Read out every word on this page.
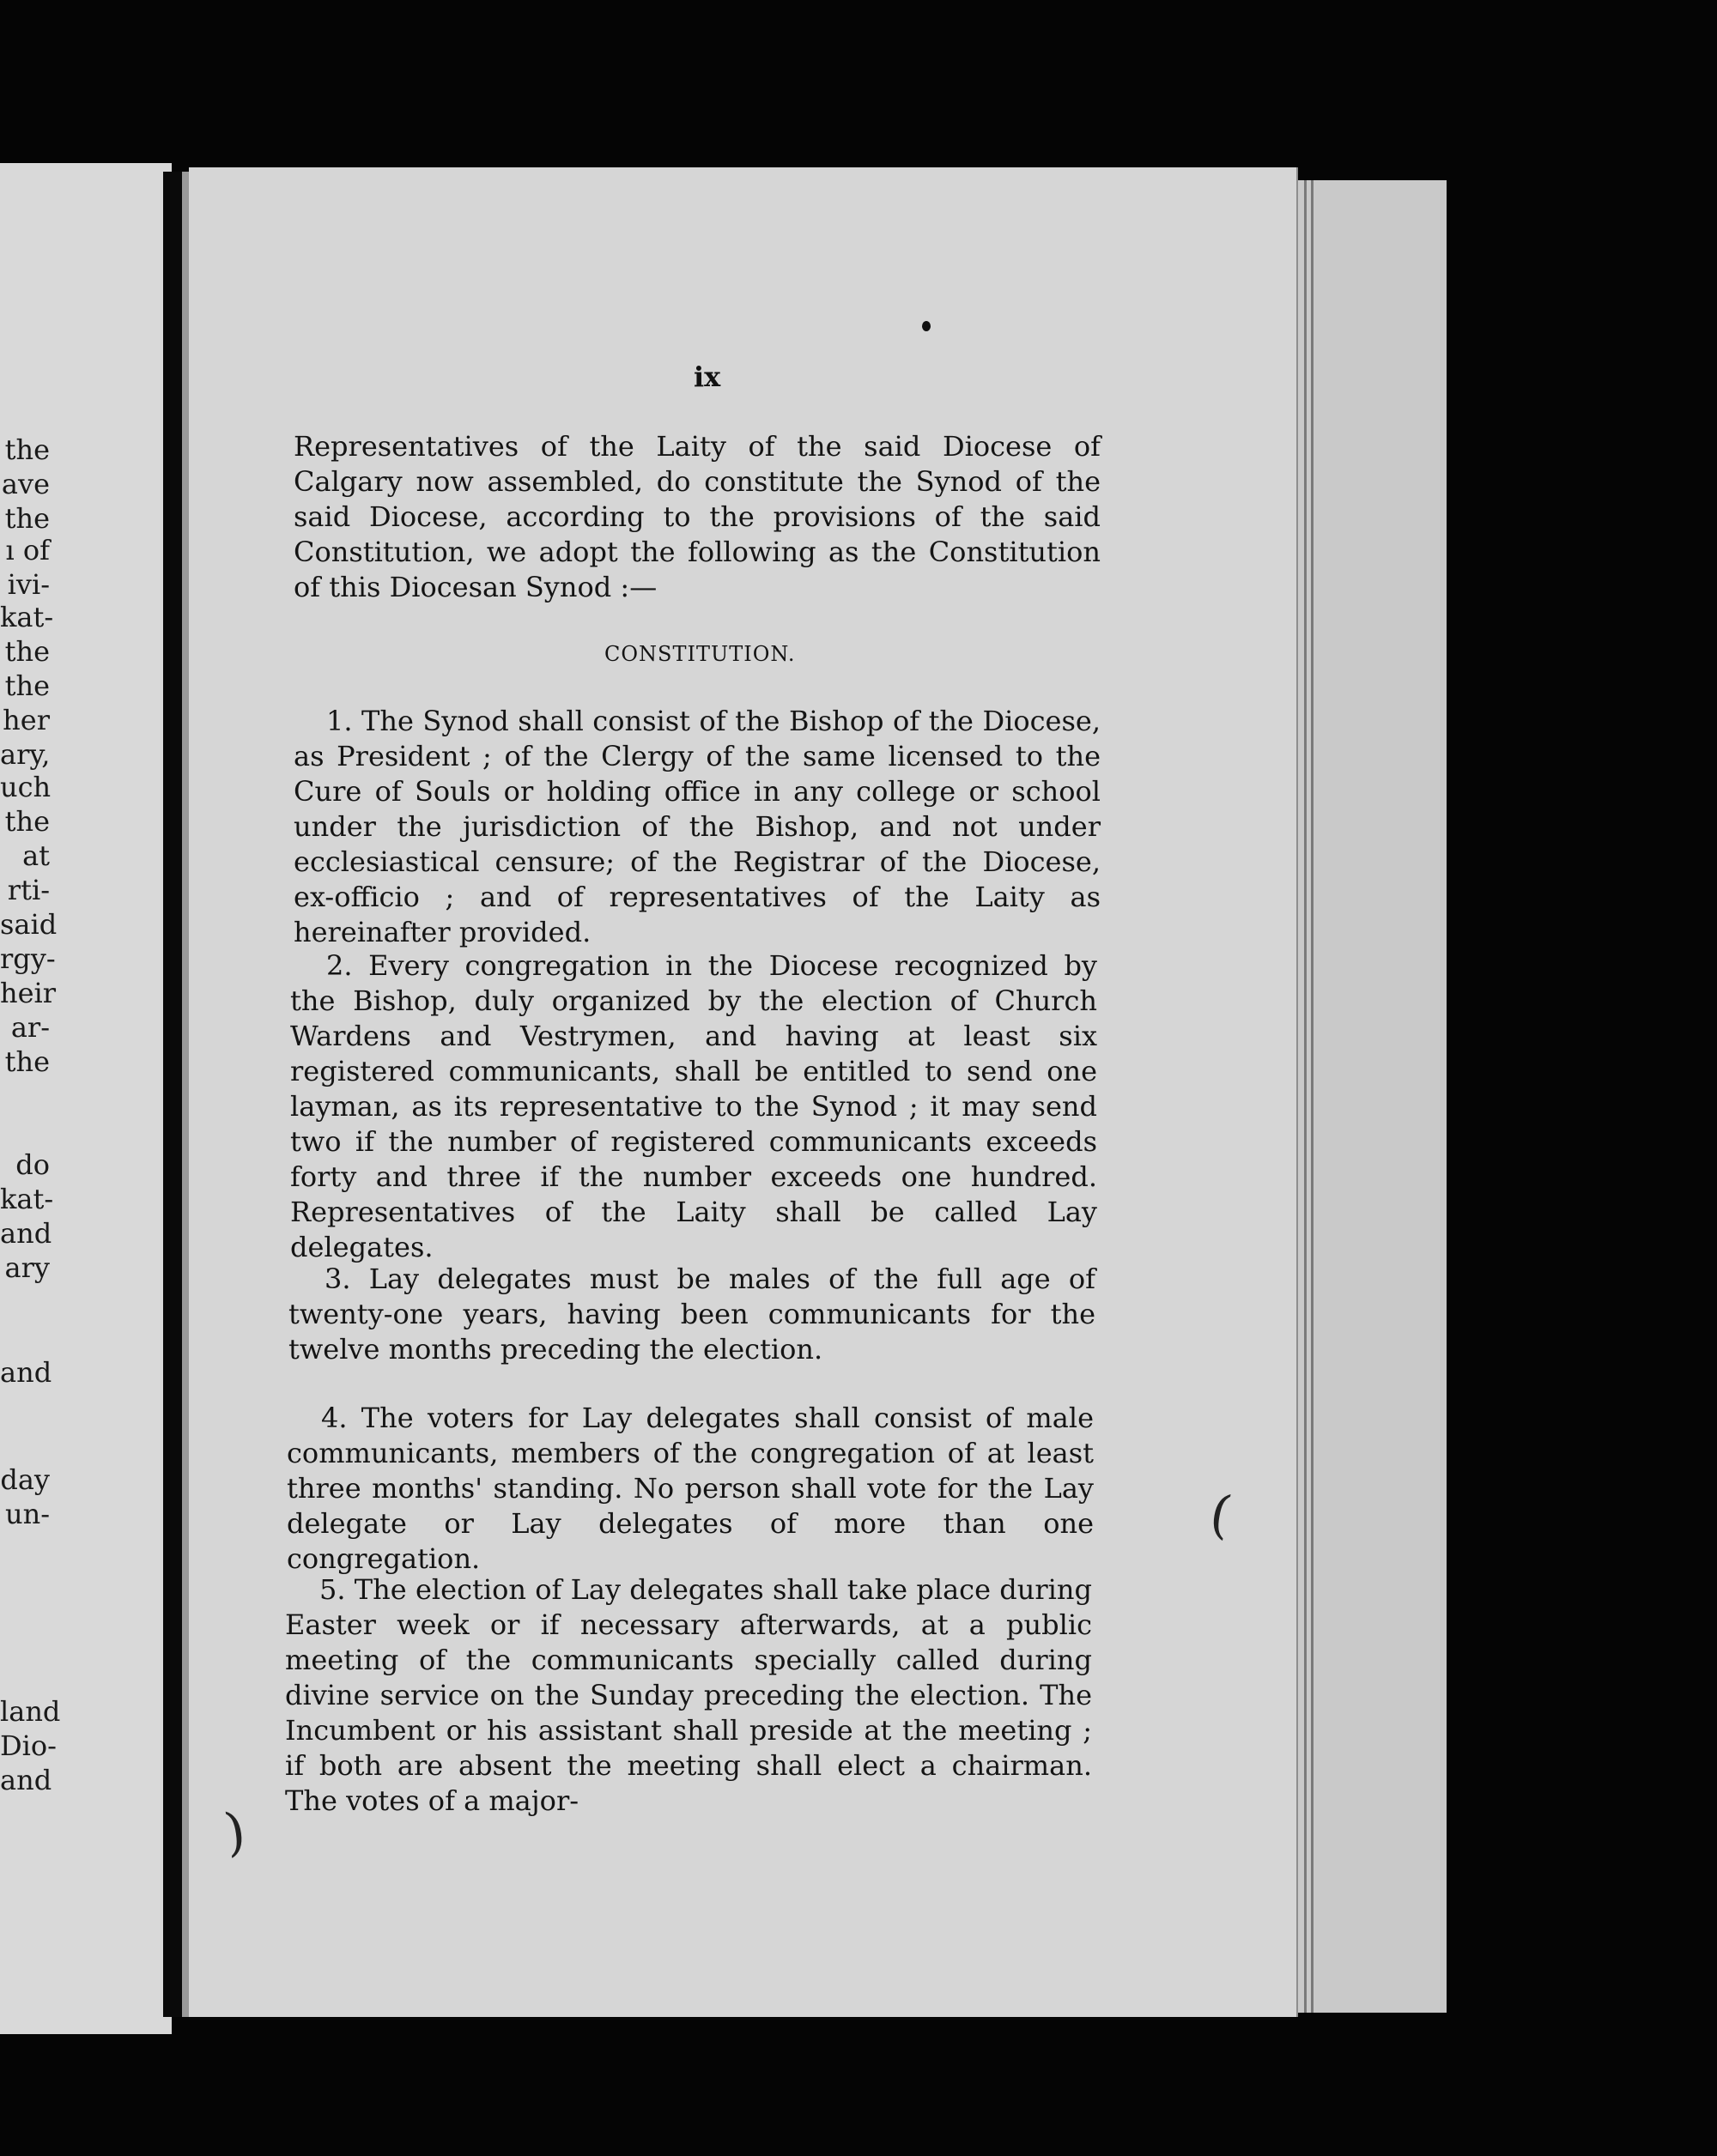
the
ave
the
ı of
ivi-
kat-
the
the
her
ary,
uch
the
at
rti-
said
rgy-
heir
ar-
the
do
kat-
and
ary
and
day
un-
land
Dio-
and
ix

Representatives of the Laity of the said Diocese of Calgary now assembled, do constitute the Synod of the said Diocese, according to the provisions of the said Constitution, we adopt the following as the Constitution of this Diocesan Synod :—

CONSTITUTION.

1. The Synod shall consist of the Bishop of the Diocese, as President ; of the Clergy of the same licensed to the Cure of Souls or holding office in any college or school under the jurisdiction of the Bishop, and not under ecclesiastical censure; of the Registrar of the Diocese, ex-officio ; and of representatives of the Laity as hereinafter provided.

2. Every congregation in the Diocese recognized by the Bishop, duly organized by the election of Church Wardens and Vestrymen, and having at least six registered communicants, shall be entitled to send one layman, as its representative to the Synod ; it may send two if the number of registered communicants exceeds forty and three if the number exceeds one hundred. Representatives of the Laity shall be called Lay delegates.

3. Lay delegates must be males of the full age of twenty-one years, having been communicants for the twelve months preceding the election.

4. The voters for Lay delegates shall consist of male communicants, members of the congregation of at least three months' standing. No person shall vote for the Lay delegate or Lay delegates of more than one congregation.

5. The election of Lay delegates shall take place during Easter week or if necessary afterwards, at a public meeting of the communicants specially called during divine service on the Sunday preceding the election. The Incumbent or his assistant shall preside at the meeting ; if both are absent the meeting shall elect a chairman. The votes of a major-

(
)
